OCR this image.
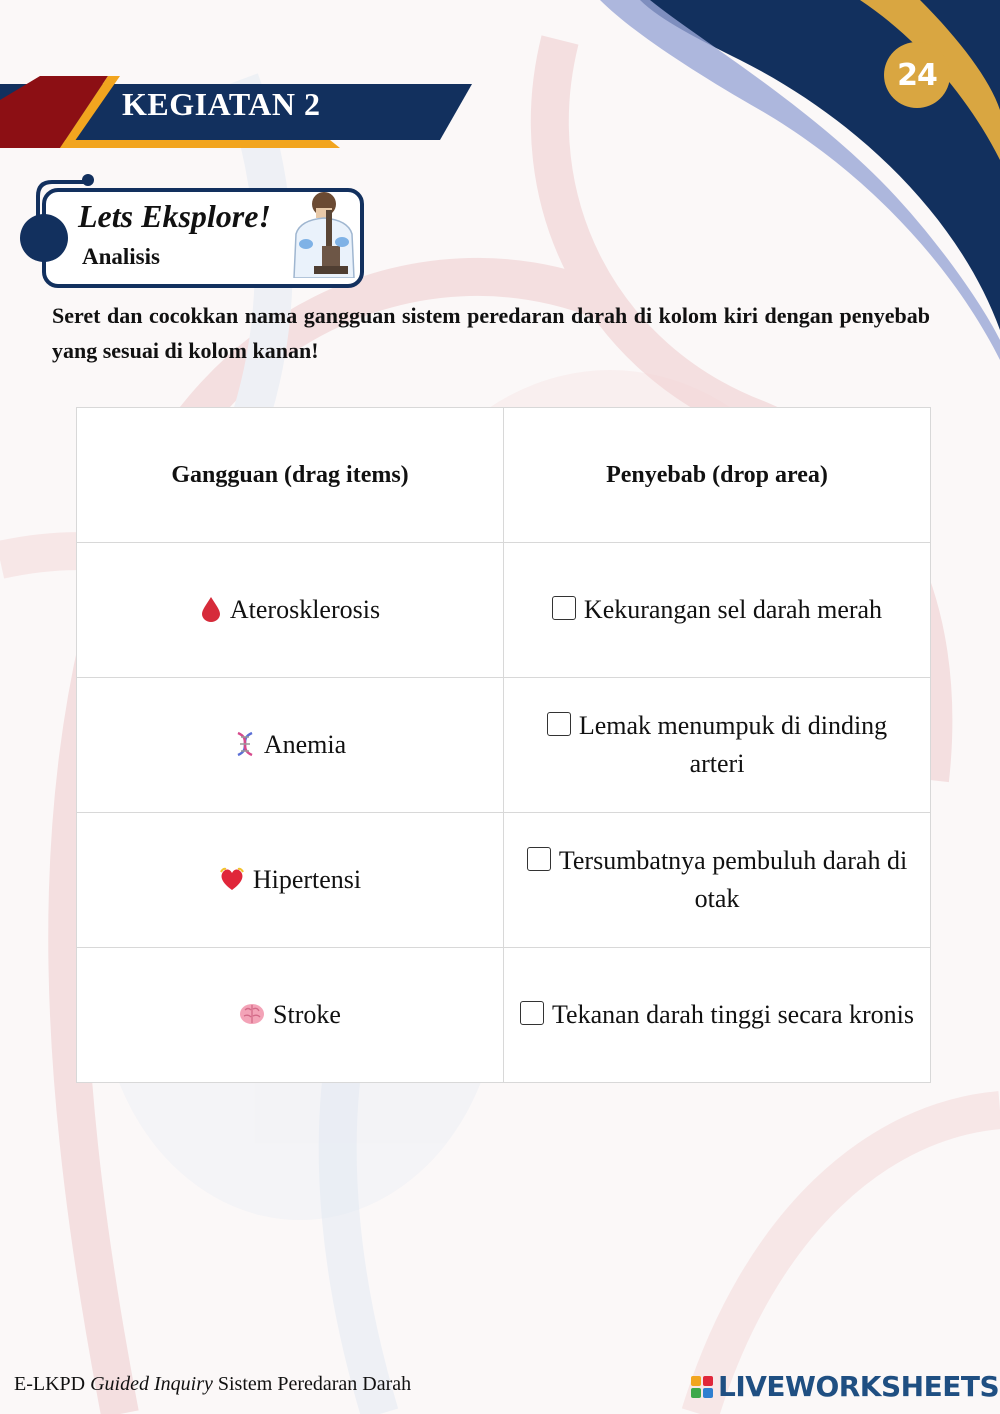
KEGIATAN 2
24
Lets Eksplore!
Analisis
Seret dan cocokkan nama gangguan sistem peredaran darah di kolom kiri dengan penyebab yang sesuai di kolom kanan!
Gangguan (drag items)	Penyebab (drop area)
Aterosklerosis	Kekurangan sel darah merah
Anemia	Lemak menumpuk di dinding arteri
Hipertensi	Tersumbatnya pembuluh darah di otak
Stroke	Tekanan darah tinggi secara kronis
E-LKPD Guided Inquiry Sistem Peredaran Darah	LIVEWORKSHEETS
